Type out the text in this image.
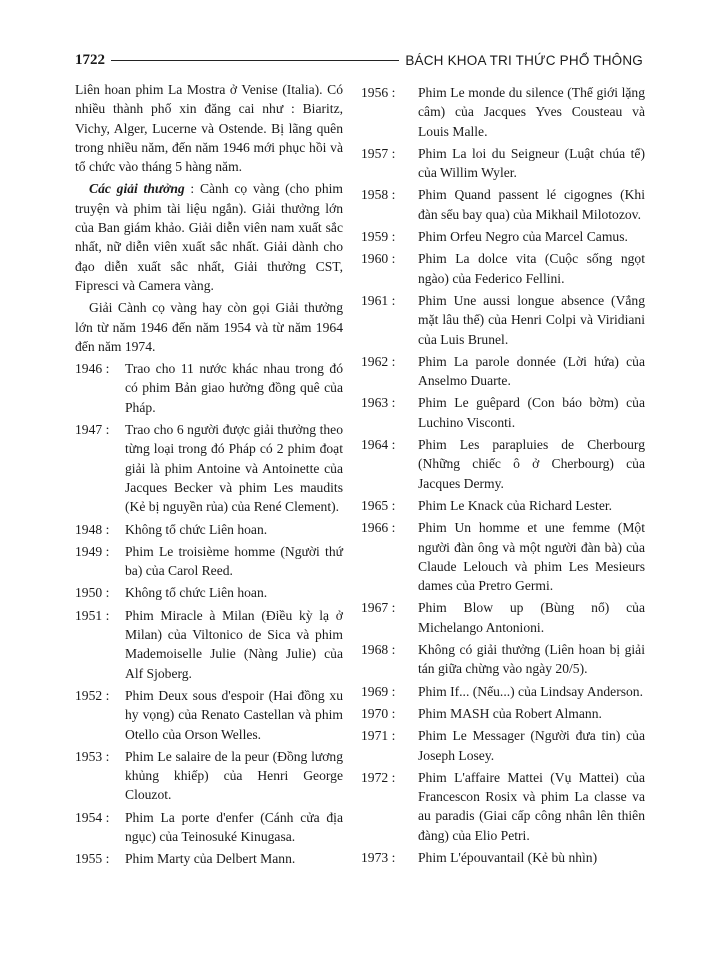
1722	BÁCH KHOA TRI THỨC PHỔ THÔNG

Liên hoan phim La Mostra ở Venise (Italia). Có nhiều thành phố xin đăng cai như : Biaritz, Vichy, Alger, Lucerne và Ostende. Bị lãng quên trong nhiều năm, đến năm 1946 mới phục hồi và tổ chức vào tháng 5 hàng năm.

Các giải thưởng : Cành cọ vàng (cho phim truyện và phim tài liệu ngắn). Giải thưởng lớn của Ban giám khảo. Giải diễn viên nam xuất sắc nhất, nữ diễn viên xuất sắc nhất. Giải dành cho đạo diễn xuất sắc nhất, Giải thưởng CST, Fipresci và Camera vàng.

Giải Cành cọ vàng hay còn gọi Giải thưởng lớn từ năm 1946 đến năm 1954 và từ năm 1964 đến năm 1974.

1946 :	Trao cho 11 nước khác nhau trong đó có phim Bản giao hưởng đồng quê của Pháp.
1947 :	Trao cho 6 người được giải thưởng theo từng loại trong đó Pháp có 2 phim đoạt giải là phim Antoine và Antoinette của Jacques Becker và phim Les maudits (Kẻ bị nguyền rủa) của René Clement).
1948 :	Không tổ chức Liên hoan.
1949 :	Phim Le troisième homme (Người thứ ba) của Carol Reed.
1950 :	Không tổ chức Liên hoan.
1951 :	Phim Miracle à Milan (Điều kỳ lạ ở Milan) của Viltonico de Sica và phim Mademoiselle Julie (Nàng Julie) của Alf Sjoberg.
1952 :	Phim Deux sous d'espoir (Hai đồng xu hy vọng) của Renato Castellan và phim Otello của Orson Welles.
1953 :	Phim Le salaire de la peur (Đồng lương khủng khiếp) của Henri George Clouzot.
1954 :	Phim La porte d'enfer (Cánh cửa địa ngục) của Teinosuké Kinugasa.
1955 :	Phim Marty của Delbert Mann.
1956 :	Phim Le monde du silence (Thế giới lặng câm) của Jacques Yves Cousteau và Louis Malle.
1957 :	Phim La loi du Seigneur (Luật chúa tể) của Willim Wyler.
1958 :	Phim Quand passent lé cigognes (Khi đàn sếu bay qua) của Mikhail Milotozov.
1959 :	Phim Orfeu Negro của Marcel Camus.
1960 :	Phim La dolce vita (Cuộc sống ngọt ngào) của Federico Fellini.
1961 :	Phim Une aussi longue absence (Vắng mặt lâu thế) của Henri Colpi và Viridiani của Luis Brunel.
1962 :	Phim La parole donnée (Lời hứa) của Anselmo Duarte.
1963 :	Phim Le guêpard (Con báo bờm) của Luchino Visconti.
1964 :	Phim Les parapluies de Cherbourg (Những chiếc ô ở Cherbourg) của Jacques Dermy.
1965 :	Phim Le Knack của Richard Lester.
1966 :	Phim Un homme et une femme (Một người đàn ông và một người đàn bà) của Claude Lelouch và phim Les Mesieurs dames của Pretro Germi.
1967 :	Phim Blow up (Bùng nổ) của Michelango Antonioni.
1968 :	Không có giải thưởng (Liên hoan bị giải tán giữa chừng vào ngày 20/5).
1969 :	Phim If... (Nếu...) của Lindsay Anderson.
1970 :	Phim MASH của Robert Almann.
1971 :	Phim Le Messager (Người đưa tin) của Joseph Losey.
1972 :	Phim L'affaire Mattei (Vụ Mattei) của Francescon Rosix và phim La classe va au paradis (Giai cấp công nhân lên thiên đàng) của Elio Petri.
1973 :	Phim L'épouvantail (Kẻ bù nhìn)
